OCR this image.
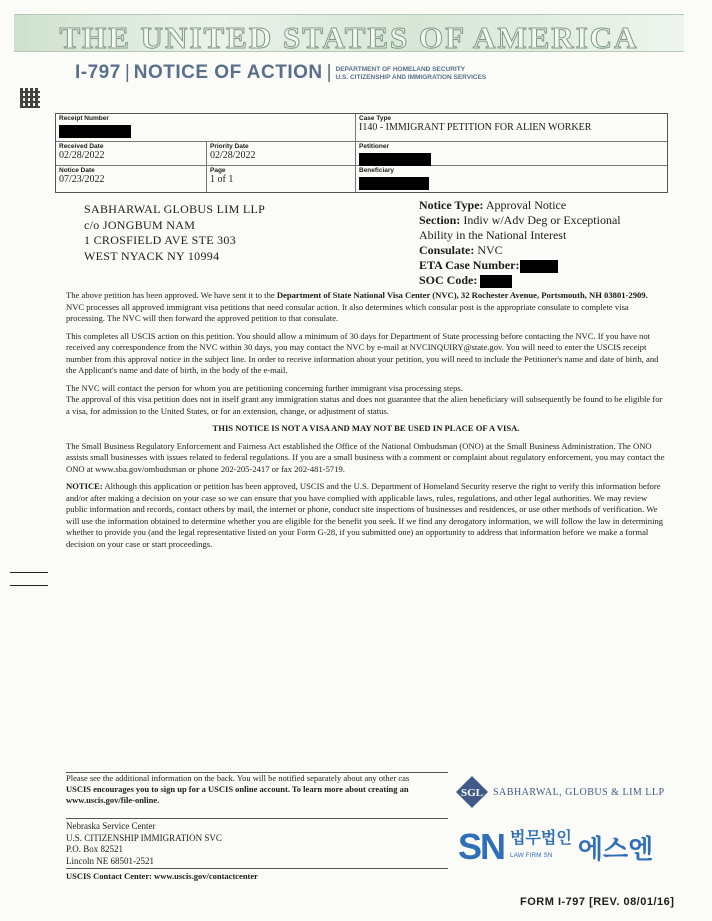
THE UNITED STATES OF AMERICA
I-797 | NOTICE OF ACTION | DEPARTMENT OF HOMELAND SECURITY
U.S. CITIZENSHIP AND IMMIGRATION SERVICES
Receipt Number	Case Type
I140 - IMMIGRANT PETITION FOR ALIEN WORKER
Received Date
02/28/2022
Priority Date
02/28/2022
Petitioner
Notice Date
07/23/2022
Page
1 of 1
Beneficiary
SABHARWAL GLOBUS LIM LLP
c/o JONGBUM NAM
1 CROSFIELD AVE STE 303
WEST NYACK NY 10994
Notice Type: Approval Notice
Section: Indiv w/Adv Deg or Exceptional
Ability in the National Interest
Consulate: NVC
ETA Case Number:
SOC Code:

The above petition has been approved. We have sent it to the Department of State National Visa Center (NVC), 32 Rochester Avenue, Portsmouth, NH 03801-2909. NVC processes all approved immigrant visa petitions that need consular action. It also determines which consular post is the appropriate consulate to complete visa processing. The NVC will then forward the approved petition to that consulate.

This completes all USCIS action on this petition. You should allow a minimum of 30 days for Department of State processing before contacting the NVC. If you have not received any correspondence from the NVC within 30 days, you may contact the NVC by e-mail at NVCINQUIRY@state.gov. You will need to enter the USCIS receipt number from this approval notice in the subject line. In order to receive information about your petition, you will need to include the Petitioner's name and date of birth, and the Applicant's name and date of birth, in the body of the e-mail.

The NVC will contact the person for whom you are petitioning concerning further immigrant visa processing steps.

The approval of this visa petition does not in itself grant any immigration status and does not guarantee that the alien beneficiary will subsequently be found to be eligible for a visa, for admission to the United States, or for an extension, change, or adjustment of status.

THIS NOTICE IS NOT A VISA AND MAY NOT BE USED IN PLACE OF A VISA.

The Small Business Regulatory Enforcement and Fairness Act established the Office of the National Ombudsman (ONO) at the Small Business Administration. The ONO assists small businesses with issues related to federal regulations. If you are a small business with a comment or complaint about regulatory enforcement, you may contact the ONO at www.sba.gov/ombudsman or phone 202-205-2417 or fax 202-481-5719.

NOTICE: Although this application or petition has been approved, USCIS and the U.S. Department of Homeland Security reserve the right to verify this information before and/or after making a decision on your case so we can ensure that you have complied with applicable laws, rules, regulations, and other legal authorities. We may review public information and records, contact others by mail, the internet or phone, conduct site inspections of businesses and residences, or use other methods of verification. We will use the information obtained to determine whether you are eligible for the benefit you seek. If we find any derogatory information, we will follow the law in determining whether to provide you (and the legal representative listed on your Form G-28, if you submitted one) an opportunity to address that information before we make a formal decision on your case or start proceedings.

Please see the additional information on the back. You will be notified separately about any other cas
USCIS encourages you to sign up for a USCIS online account. To learn more about creating an
www.uscis.gov/file-online.
Nebraska Service Center
U.S. CITIZENSHIP IMMIGRATION SVC
P.O. Box 82521
Lincoln NE 68501-2521
USCIS Contact Center: www.uscis.gov/contactcenter
SGL SABHARWAL, GLOBUS & LIM LLP
SN 법무법인
LAW FIRM SN 에스엔
FORM I-797 [REV. 08/01/16]
